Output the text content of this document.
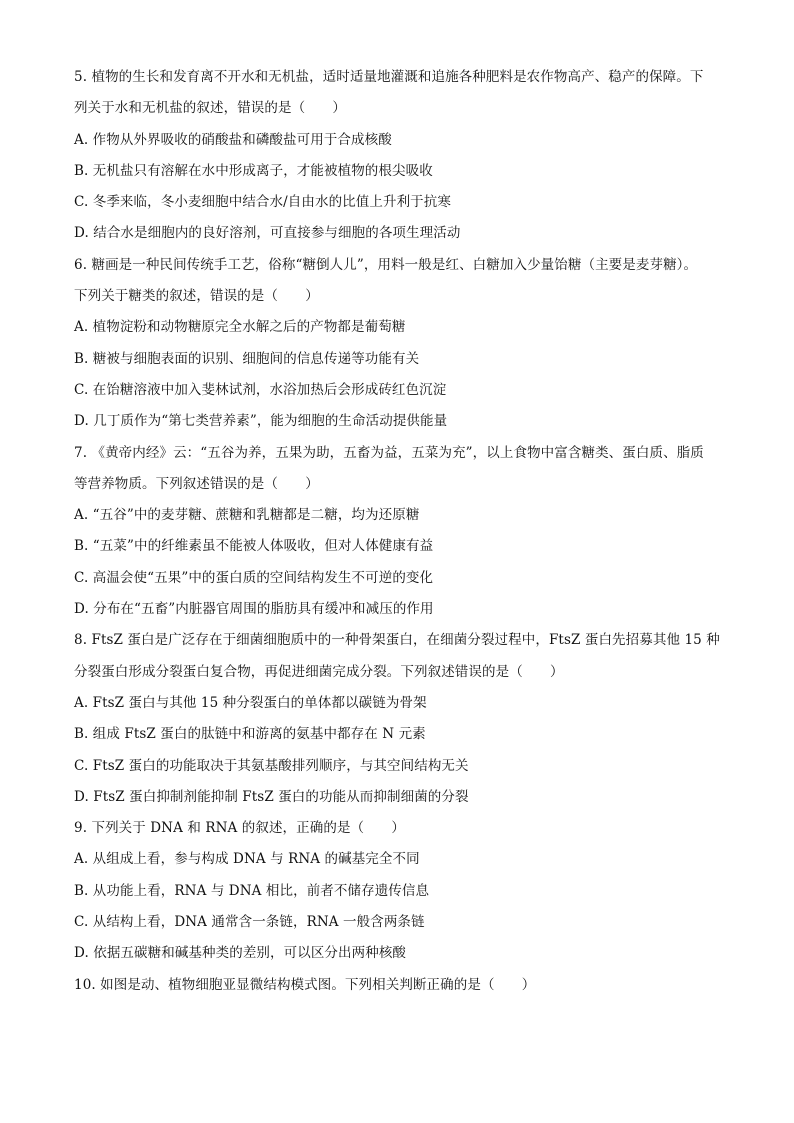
5. 植物的生长和发育离不开水和无机盐，适时适量地灌溉和追施各种肥料是农作物高产、稳产的保障。下
列关于水和无机盐的叙述，错误的是（　　）
A. 作物从外界吸收的硝酸盐和磷酸盐可用于合成核酸
B. 无机盐只有溶解在水中形成离子，才能被植物的根尖吸收
C. 冬季来临，冬小麦细胞中结合水/自由水的比值上升利于抗寒
D. 结合水是细胞内的良好溶剂，可直接参与细胞的各项生理活动
6. 糖画是一种民间传统手工艺，俗称“糖倒人儿”，用料一般是红、白糖加入少量饴糖（主要是麦芽糖）。
下列关于糖类的叙述，错误的是（　　）
A. 植物淀粉和动物糖原完全水解之后的产物都是葡萄糖
B. 糖被与细胞表面的识别、细胞间的信息传递等功能有关
C. 在饴糖溶液中加入斐林试剂，水浴加热后会形成砖红色沉淀
D. 几丁质作为“第七类营养素”，能为细胞的生命活动提供能量
7. 《黄帝内经》云：“五谷为养，五果为助，五畜为益，五菜为充”，以上食物中富含糖类、蛋白质、脂质
等营养物质。下列叙述错误的是（　　）
A. “五谷”中的麦芽糖、蔗糖和乳糖都是二糖，均为还原糖
B. “五菜”中的纤维素虽不能被人体吸收，但对人体健康有益
C. 高温会使“五果”中的蛋白质的空间结构发生不可逆的变化
D. 分布在“五畜”内脏器官周围的脂肪具有缓冲和减压的作用
8. FtsZ 蛋白是广泛存在于细菌细胞质中的一种骨架蛋白，在细菌分裂过程中，FtsZ 蛋白先招募其他 15 种
分裂蛋白形成分裂蛋白复合物，再促进细菌完成分裂。下列叙述错误的是（　　）
A. FtsZ 蛋白与其他 15 种分裂蛋白的单体都以碳链为骨架
B. 组成 FtsZ 蛋白的肽链中和游离的氨基中都存在 N 元素
C. FtsZ 蛋白的功能取决于其氨基酸排列顺序，与其空间结构无关
D. FtsZ 蛋白抑制剂能抑制 FtsZ 蛋白的功能从而抑制细菌的分裂
9. 下列关于 DNA 和 RNA 的叙述，正确的是（　　）
A. 从组成上看，参与构成 DNA 与 RNA 的碱基完全不同
B. 从功能上看，RNA 与 DNA 相比，前者不储存遗传信息
C. 从结构上看，DNA 通常含一条链，RNA 一般含两条链
D. 依据五碳糖和碱基种类的差别，可以区分出两种核酸
10. 如图是动、植物细胞亚显微结构模式图。下列相关判断正确的是（　　）
